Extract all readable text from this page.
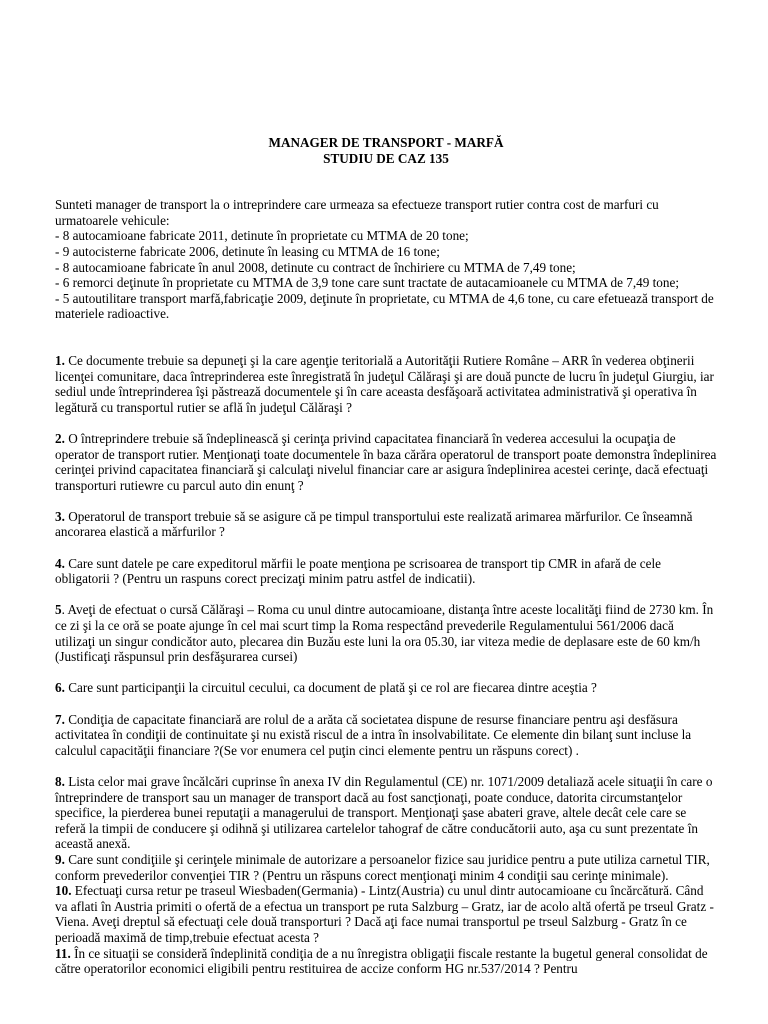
MANAGER DE TRANSPORT - MARFĂ

STUDIU DE CAZ 135

Sunteti manager de transport la o intreprindere care urmeaza sa efectueze transport rutier contra cost de marfuri cu urmatoarele vehicule:
- 8 autocamioane fabricate 2011, detinute în proprietate cu MTMA de 20 tone;
- 9 autocisterne fabricate 2006, detinute în leasing cu MTMA de 16 tone;
- 8 autocamioane fabricate în anul 2008, detinute cu contract de închiriere cu MTMA de 7,49 tone;
- 6 remorci deţinute în proprietate cu MTMA de 3,9 tone care sunt tractate de autacamioanele cu MTMA de 7,49 tone;
- 5 autoutilitare transport marfă,fabricaţie 2009, deţinute în proprietate, cu MTMA de 4,6 tone, cu care efetuează transport de materiele radioactive.

1. Ce documente trebuie sa depuneţi şi la care agenţie teritorială a Autorităţii Rutiere Române – ARR în vederea obţinerii licenţei comunitare, daca întreprinderea este înregistrată în judeţul Călăraşi şi are două puncte de lucru în judeţul Giurgiu, iar sediul unde întreprinderea îşi păstrează documentele şi în care aceasta desfăşoară activitatea administrativă şi operativa în legătură cu transportul rutier se află în judeţul Călăraşi ?

2. O întreprindere trebuie să îndeplinească şi cerinţa privind capacitatea financiară în vederea accesului la ocupaţia de operator de transport rutier. Menţionaţi toate documentele în baza cărăra operatorul de transport poate demonstra îndeplinirea cerinţei privind capacitatea financiară şi calculaţi nivelul financiar care ar asigura îndeplinirea acestei cerinţe, dacă efectuaţi transporturi rutiewre cu parcul auto din enunţ ?

3. Operatorul de transport trebuie să se asigure că pe timpul transportului este realizată arimarea mărfurilor. Ce înseamnă ancorarea elastică a mărfurilor ?

4. Care sunt datele pe care expeditorul mărfii le poate menţiona pe scrisoarea de transport tip CMR in afară de cele obligatorii ? (Pentru un raspuns corect precizaţi minim patru astfel de indicatii).

5. Aveţi de efectuat o cursă Călăraşi – Roma cu unul dintre autocamioane, distanţa între aceste localităţi fiind de 2730 km. În ce zi şi la ce oră se poate ajunge în cel mai scurt timp la Roma respectând prevederile Regulamentului 561/2006 dacă utilizaţi un singur condicător auto, plecarea din Buzău este luni la ora 05.30, iar viteza medie de deplasare este de 60 km/h (Justificaţi răspunsul prin desfăşurarea cursei)

6. Care sunt participanţii la circuitul cecului, ca document de plată şi ce rol are fiecarea dintre aceştia ?

7. Condiţia de capacitate financiară are rolul de a arăta că societatea dispune de resurse financiare pentru aşi desfăsura activitatea în condiţii de continuitate şi nu există riscul de a intra în insolvabilitate. Ce elemente din bilanţ sunt incluse la calculul capacităţii financiare ?(Se vor enumera cel puţin cinci elemente pentru un răspuns corect) .

8. Lista celor mai grave încălcări cuprinse în anexa IV din Regulamentul (CE) nr. 1071/2009 detaliază acele situaţii în care o întreprindere de transport sau un manager de transport dacă au fost sancţionaţi, poate conduce, datorita circumstanţelor specifice, la pierderea bunei reputaţii a managerului de transport. Menţionaţi şase abateri grave, altele decât cele care se referă la timpii de conducere şi odihnă şi utilizarea cartelelor tahograf de către conducătorii auto, aşa cu sunt prezentate în această anexă.

9. Care sunt condiţiile şi cerinţele minimale de autorizare a persoanelor fizice sau juridice pentru a pute utiliza carnetul TIR, conform prevederilor convenţiei TIR ? (Pentru un răspuns corect menţionaţi minim 4 condiţii sau cerinţe minimale).

10. Efectuaţi cursa retur pe traseul Wiesbaden(Germania) - Lintz(Austria) cu unul dintr autocamioane cu încărcătură. Când va aflati în Austria primiti o ofertă de a efectua un transport pe ruta Salzburg – Gratz, iar de acolo altă ofertă pe trseul Gratz - Viena. Aveţi dreptul să efectuaţi cele două transporturi ? Dacă aţi face numai transportul pe trseul Salzburg - Gratz în ce perioadă maximă de timp,trebuie efectuat acesta ?

11. În ce situaţii se consideră îndeplinită condiţia de a nu înregistra obligaţii fiscale restante la bugetul general consolidat de către operatorilor economici eligibili pentru restituirea de accize conform HG nr.537/2014 ? Pentru
